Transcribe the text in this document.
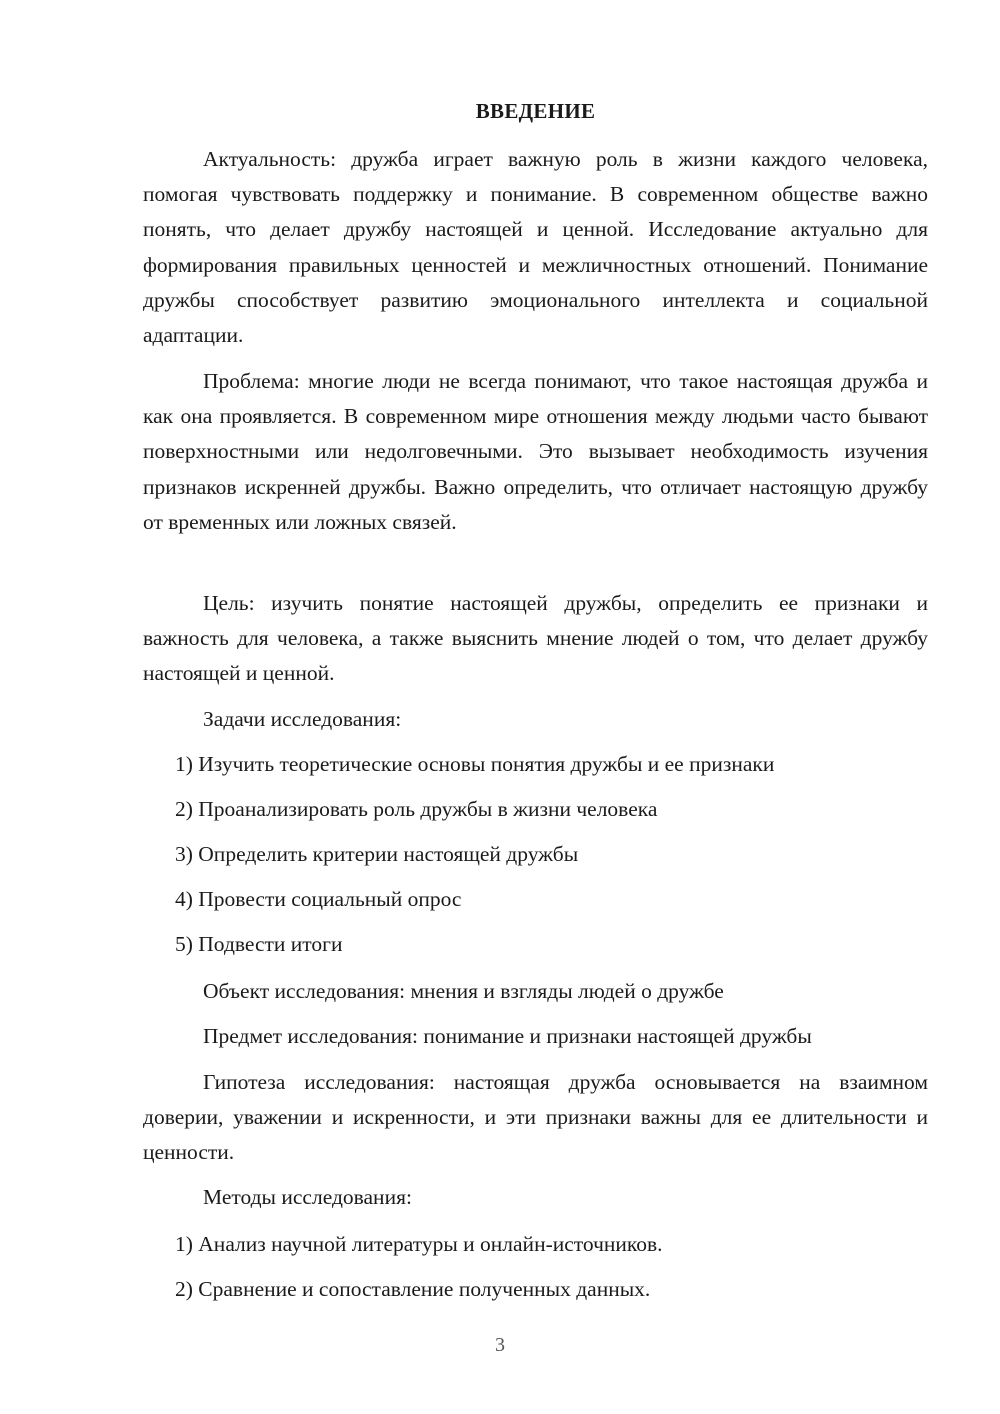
ВВЕДЕНИЕ

Актуальность: дружба играет важную роль в жизни каждого человека, помогая чувствовать поддержку и понимание. В современном обществе важно понять, что делает дружбу настоящей и ценной. Исследование актуально для формирования правильных ценностей и межличностных отношений. Понимание дружбы способствует развитию эмоционального интеллекта и социальной адаптации.

Проблема: многие люди не всегда понимают, что такое настоящая дружба и как она проявляется. В современном мире отношения между людьми часто бывают поверхностными или недолговечными. Это вызывает необходимость изучения признаков искренней дружбы. Важно определить, что отличает настоящую дружбу от временных или ложных связей.

Цель: изучить понятие настоящей дружбы, определить ее признаки и важность для человека, а также выяснить мнение людей о том, что делает дружбу настоящей и ценной.

Задачи исследования:

1) Изучить теоретические основы понятия дружбы и ее признаки

2) Проанализировать роль дружбы в жизни человека

3) Определить критерии настоящей дружбы

4) Провести социальный опрос

5) Подвести итоги

Объект исследования: мнения и взгляды людей о дружбе

Предмет исследования: понимание и признаки настоящей дружбы

Гипотеза исследования: настоящая дружба основывается на взаимном доверии, уважении и искренности, и эти признаки важны для ее длительности и ценности.

Методы исследования:

1) Анализ научной литературы и онлайн-источников.

2) Сравнение и сопоставление полученных данных.

3
